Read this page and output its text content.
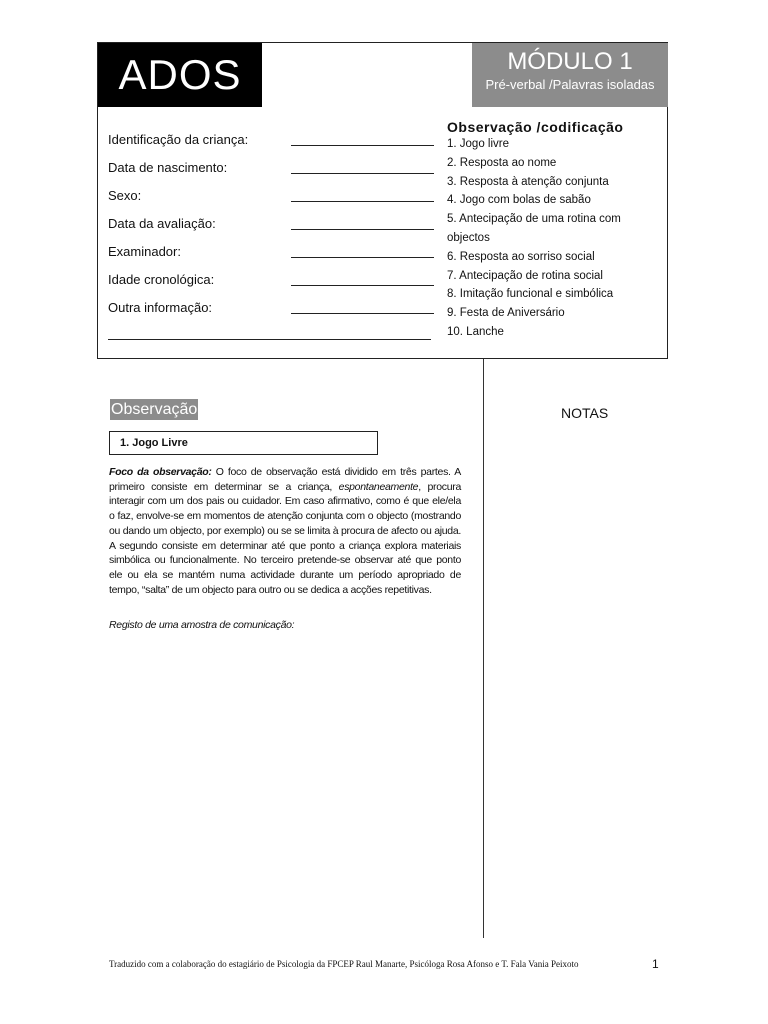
ADOS	MÓDULO 1
Pré-verbal /Palavras isoladas
Identificação da criança:
Data de nascimento:
Sexo:
Data da avaliação:
Examinador:
Idade cronológica:
Outra informação:
Observação /codificação
1. Jogo livre
2. Resposta ao nome
3. Resposta à atenção conjunta
4. Jogo com bolas de sabão
5. Antecipação de uma rotina com
objectos
6. Resposta ao sorriso social
7. Antecipação de rotina social
8. Imitação funcional e simbólica
9. Festa de Aniversário
10. Lanche
Observação	NOTAS
1. Jogo Livre
Foco da observação: O foco de observação está dividido em três partes. A primeiro consiste em determinar se a criança, espontaneamente, procura interagir com um dos pais ou cuidador. Em caso afirmativo, como é que ele/ela o faz, envolve-se em momentos de atenção conjunta com o objecto (mostrando ou dando um objecto, por exemplo) ou se se limita à procura de afecto ou ajuda. A segundo consiste em determinar até que ponto a criança explora materiais simbólica ou funcionalmente. No terceiro pretende-se observar até que ponto ele ou ela se mantém numa actividade durante um período apropriado de tempo, “salta” de um objecto para outro ou se dedica a acções repetitivas.
Registo de uma amostra de comunicação:
Traduzido com a colaboração do estagiário de Psicologia da FPCEP Raul Manarte, Psicóloga Rosa Afonso e T. Fala Vania Peixoto	1
